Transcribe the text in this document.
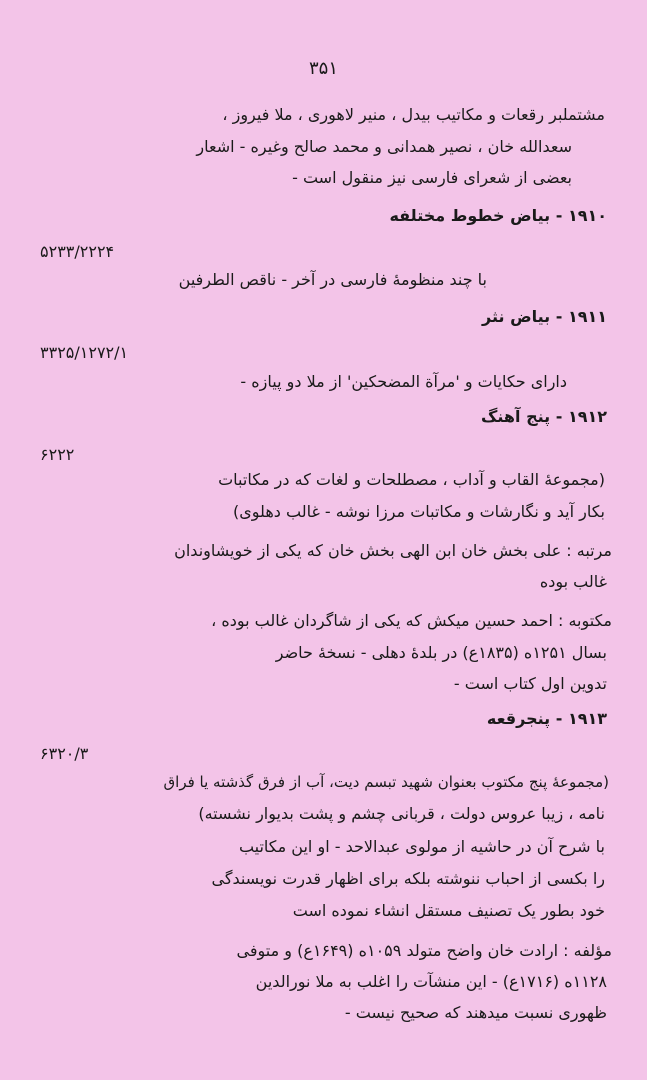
۳۵۱
مشتملبر رقعات و مکاتیب بیدل ، منیر لاهوری ، ملا فیروز ،
سعدالله خان ، نصیر همدانی و محمد صالح وغیره - اشعار
بعضی از شعرای فارسی نیز منقول است -
۱۹۱۰ - بیاض خطوط مختلفه
۵۲۳۳/۲۲۲۴
با چند منظومهٔ فارسی در آخر - ناقص الطرفین
۱۹۱۱ - بیاض نثر
۳۳۲۵/۱۲۷۲/۱
دارای حکایات و 'مرآة المضحکین' از ملا دو پیازه -
۱۹۱۲ - پنج آهنگ
۶۲۲۲
(مجموعهٔ القاب و آداب ، مصطلحات و لغات که در مکاتبات
بکار آید و نگارشات و مکاتبات مرزا نوشه - غالب دهلوی)
مرتبه : علی بخش خان ابن الهی بخش خان که یکی از خویشاوندان
غالب بوده
مکتوبه : احمد حسین میکش که یکی از شاگردان غالب بوده ،
بسال ۱۲۵۱ه (۱۸۳۵ع) در بلدهٔ دهلی - نسخهٔ حاضر
تدوین اول کتاب است -
۱۹۱۳ - پنجرقعه
۶۳۲۰/۳
(مجموعهٔ پنج مکتوب بعنوان شهید تبسم دیت، آب از فرق گذشته یا فراق
نامه ، زیبا عروس دولت ، قربانی چشم و پشت بدیوار نشسته)
با شرح آن در حاشیه از مولوی عبدالاحد - او این مکاتیب
را بکسی از احباب ننوشته بلکه برای اظهار قدرت نویسندگی
خود بطور یک تصنیف مستقل انشاء نموده است
مؤلفه : ارادت خان واضح متولد ۱۰۵۹ه (۱۶۴۹ع) و متوفی
۱۱۲۸ه (۱۷۱۶ع) - این منشآت را اغلب به ملا نورالدین
ظهوری نسبت میدهند که صحیح نیست -
